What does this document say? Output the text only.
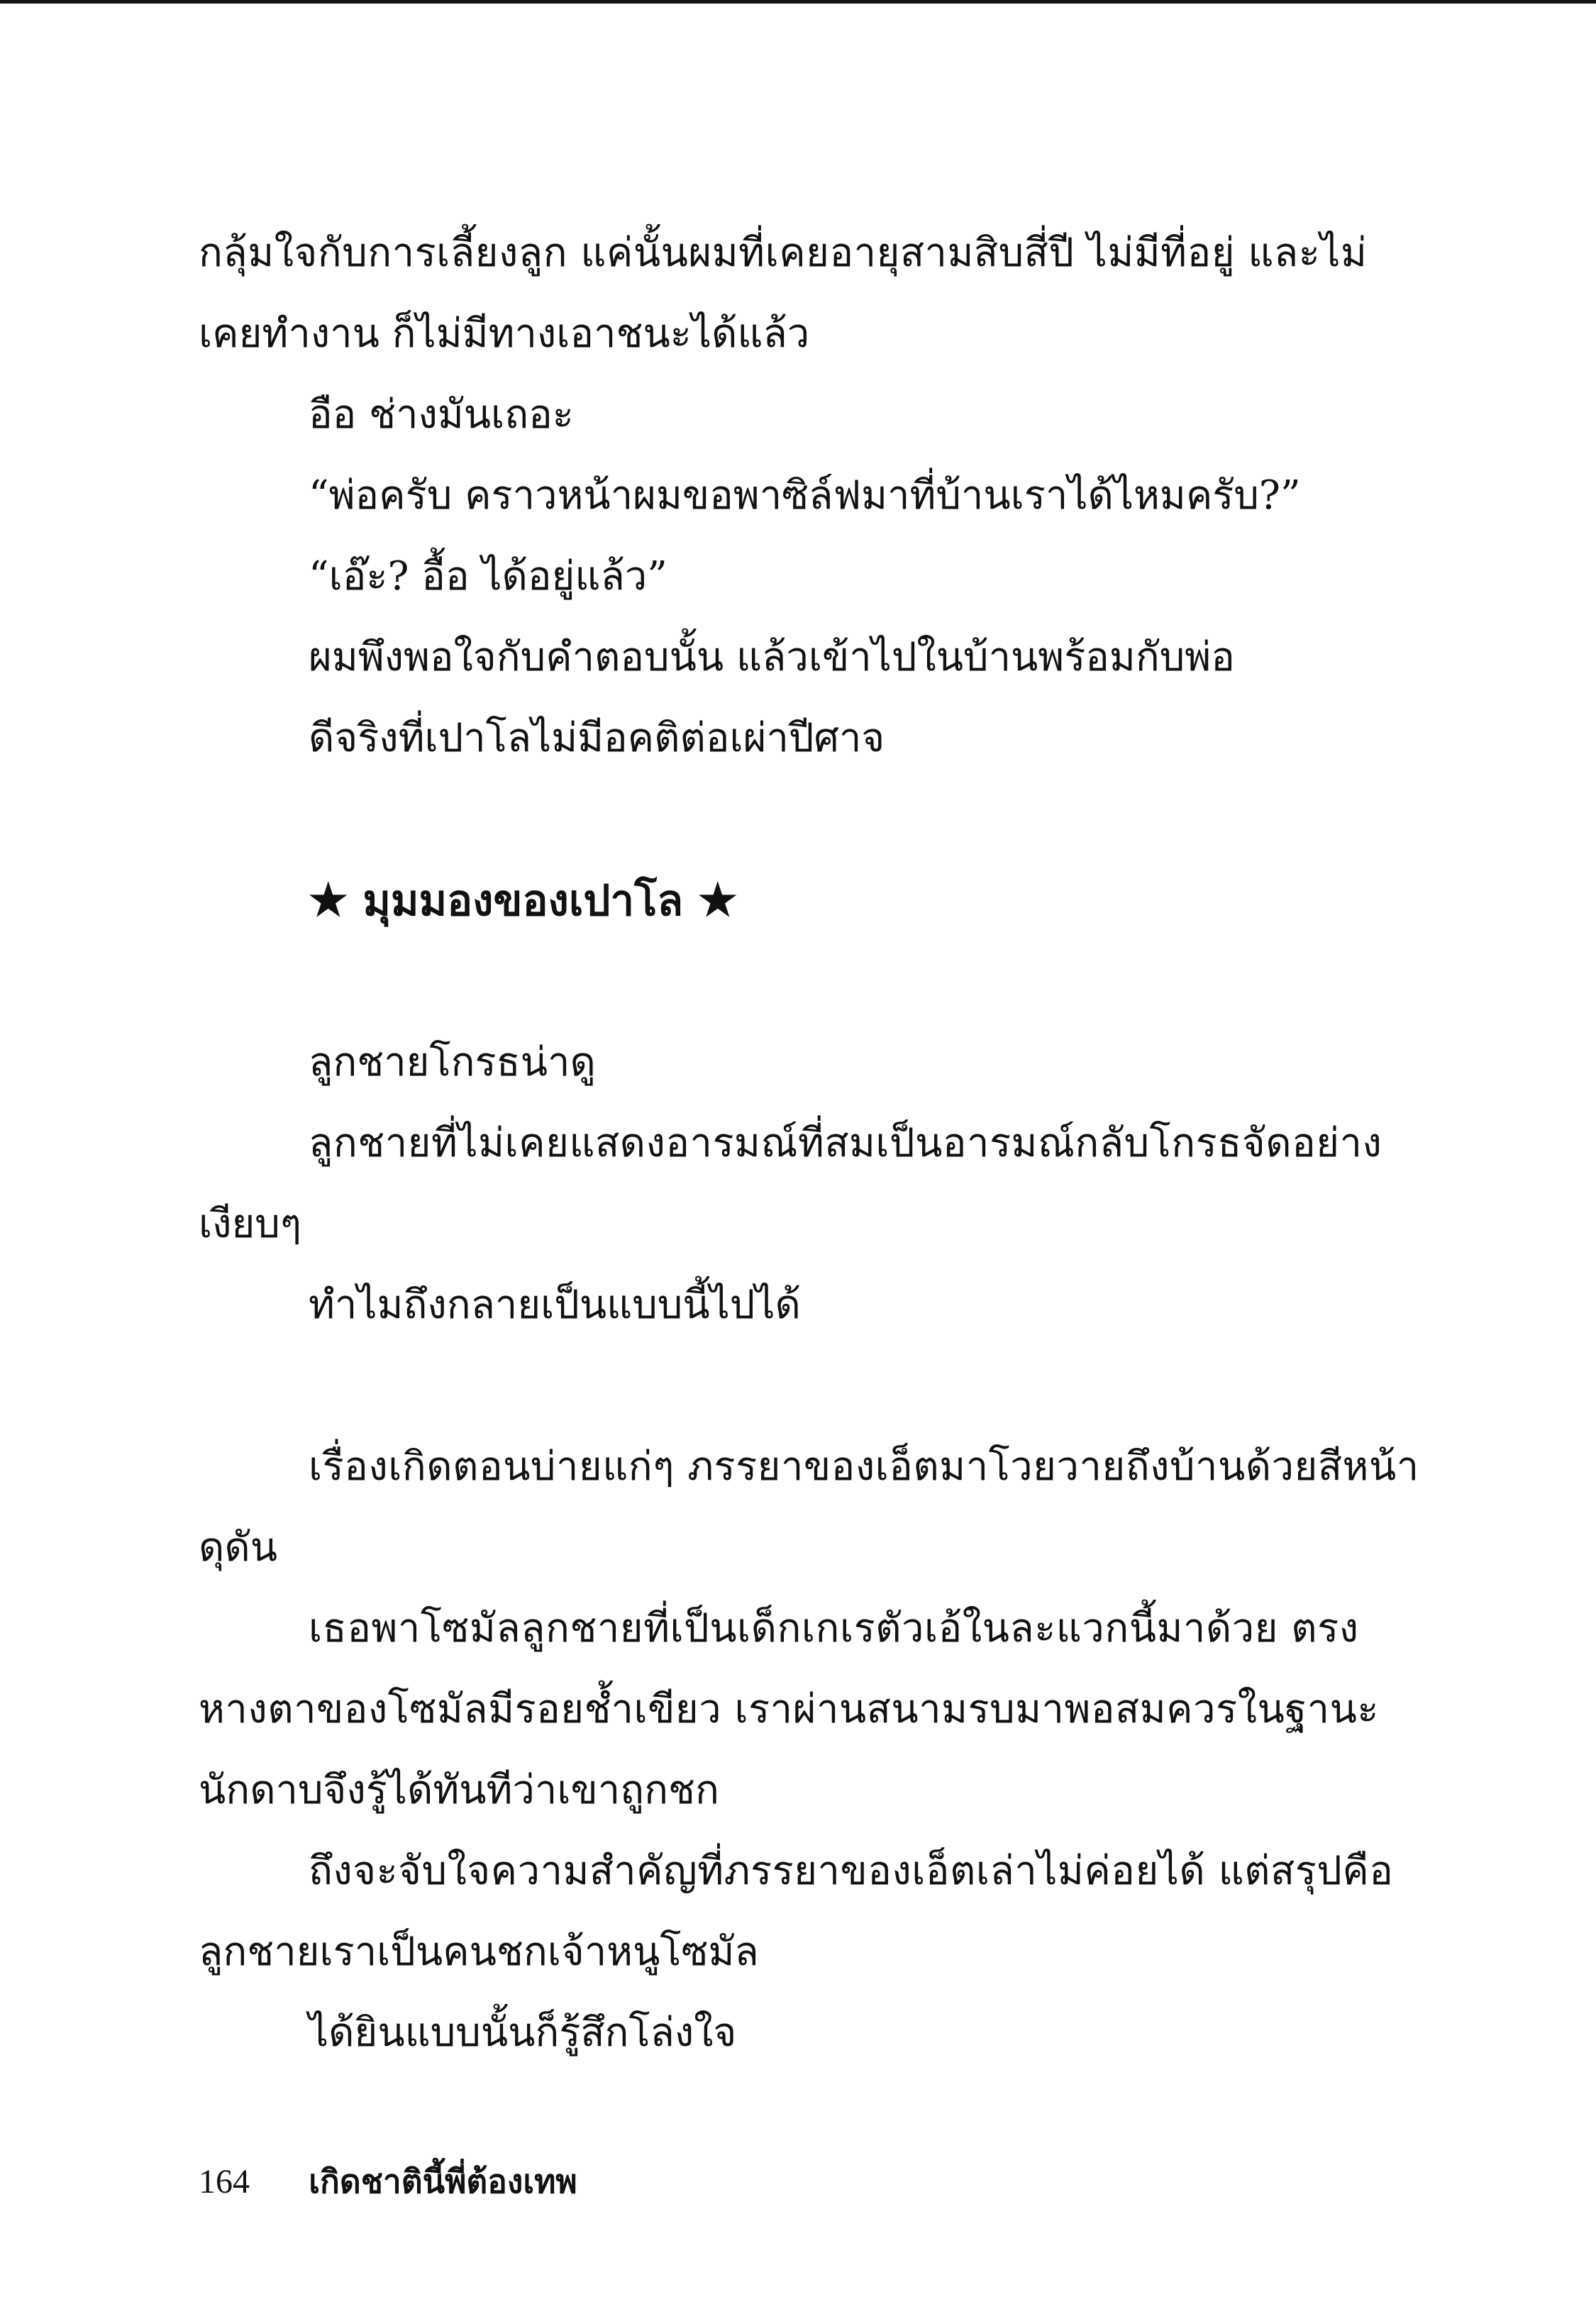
กลุ้มใจกับการเลี้ยงลูก แค่นั้นผมที่เคยอายุสามสิบสี่ปี ไม่มีที่อยู่ และไม่
เคยทำงาน ก็ไม่มีทางเอาชนะได้แล้ว
อือ ช่างมันเถอะ
“พ่อครับ คราวหน้าผมขอพาซิล์ฟมาที่บ้านเราได้ไหมครับ?”
“เอ๊ะ? อื้อ ได้อยู่แล้ว”
ผมพึงพอใจกับคำตอบนั้น แล้วเข้าไปในบ้านพร้อมกับพ่อ
ดีจริงที่เปาโลไม่มีอคติต่อเผ่าปีศาจ
★ มุมมองของเปาโล ★
ลูกชายโกรธน่าดู
ลูกชายที่ไม่เคยแสดงอารมณ์ที่สมเป็นอารมณ์กลับโกรธจัดอย่าง
เงียบๆ
ทำไมถึงกลายเป็นแบบนี้ไปได้
เรื่องเกิดตอนบ่ายแก่ๆ ภรรยาของเอ็ตมาโวยวายถึงบ้านด้วยสีหน้า
ดุดัน
เธอพาโซมัลลูกชายที่เป็นเด็กเกเรตัวเอ้ในละแวกนี้มาด้วย ตรง
หางตาของโซมัลมีรอยช้ำเขียว เราผ่านสนามรบมาพอสมควรในฐานะ
นักดาบจึงรู้ได้ทันทีว่าเขาถูกชก
ถึงจะจับใจความสำคัญที่ภรรยาของเอ็ตเล่าไม่ค่อยได้ แต่สรุปคือ
ลูกชายเราเป็นคนชกเจ้าหนูโซมัล
ได้ยินแบบนั้นก็รู้สึกโล่งใจ
164 เกิดชาตินี้พี่ต้องเทพ
